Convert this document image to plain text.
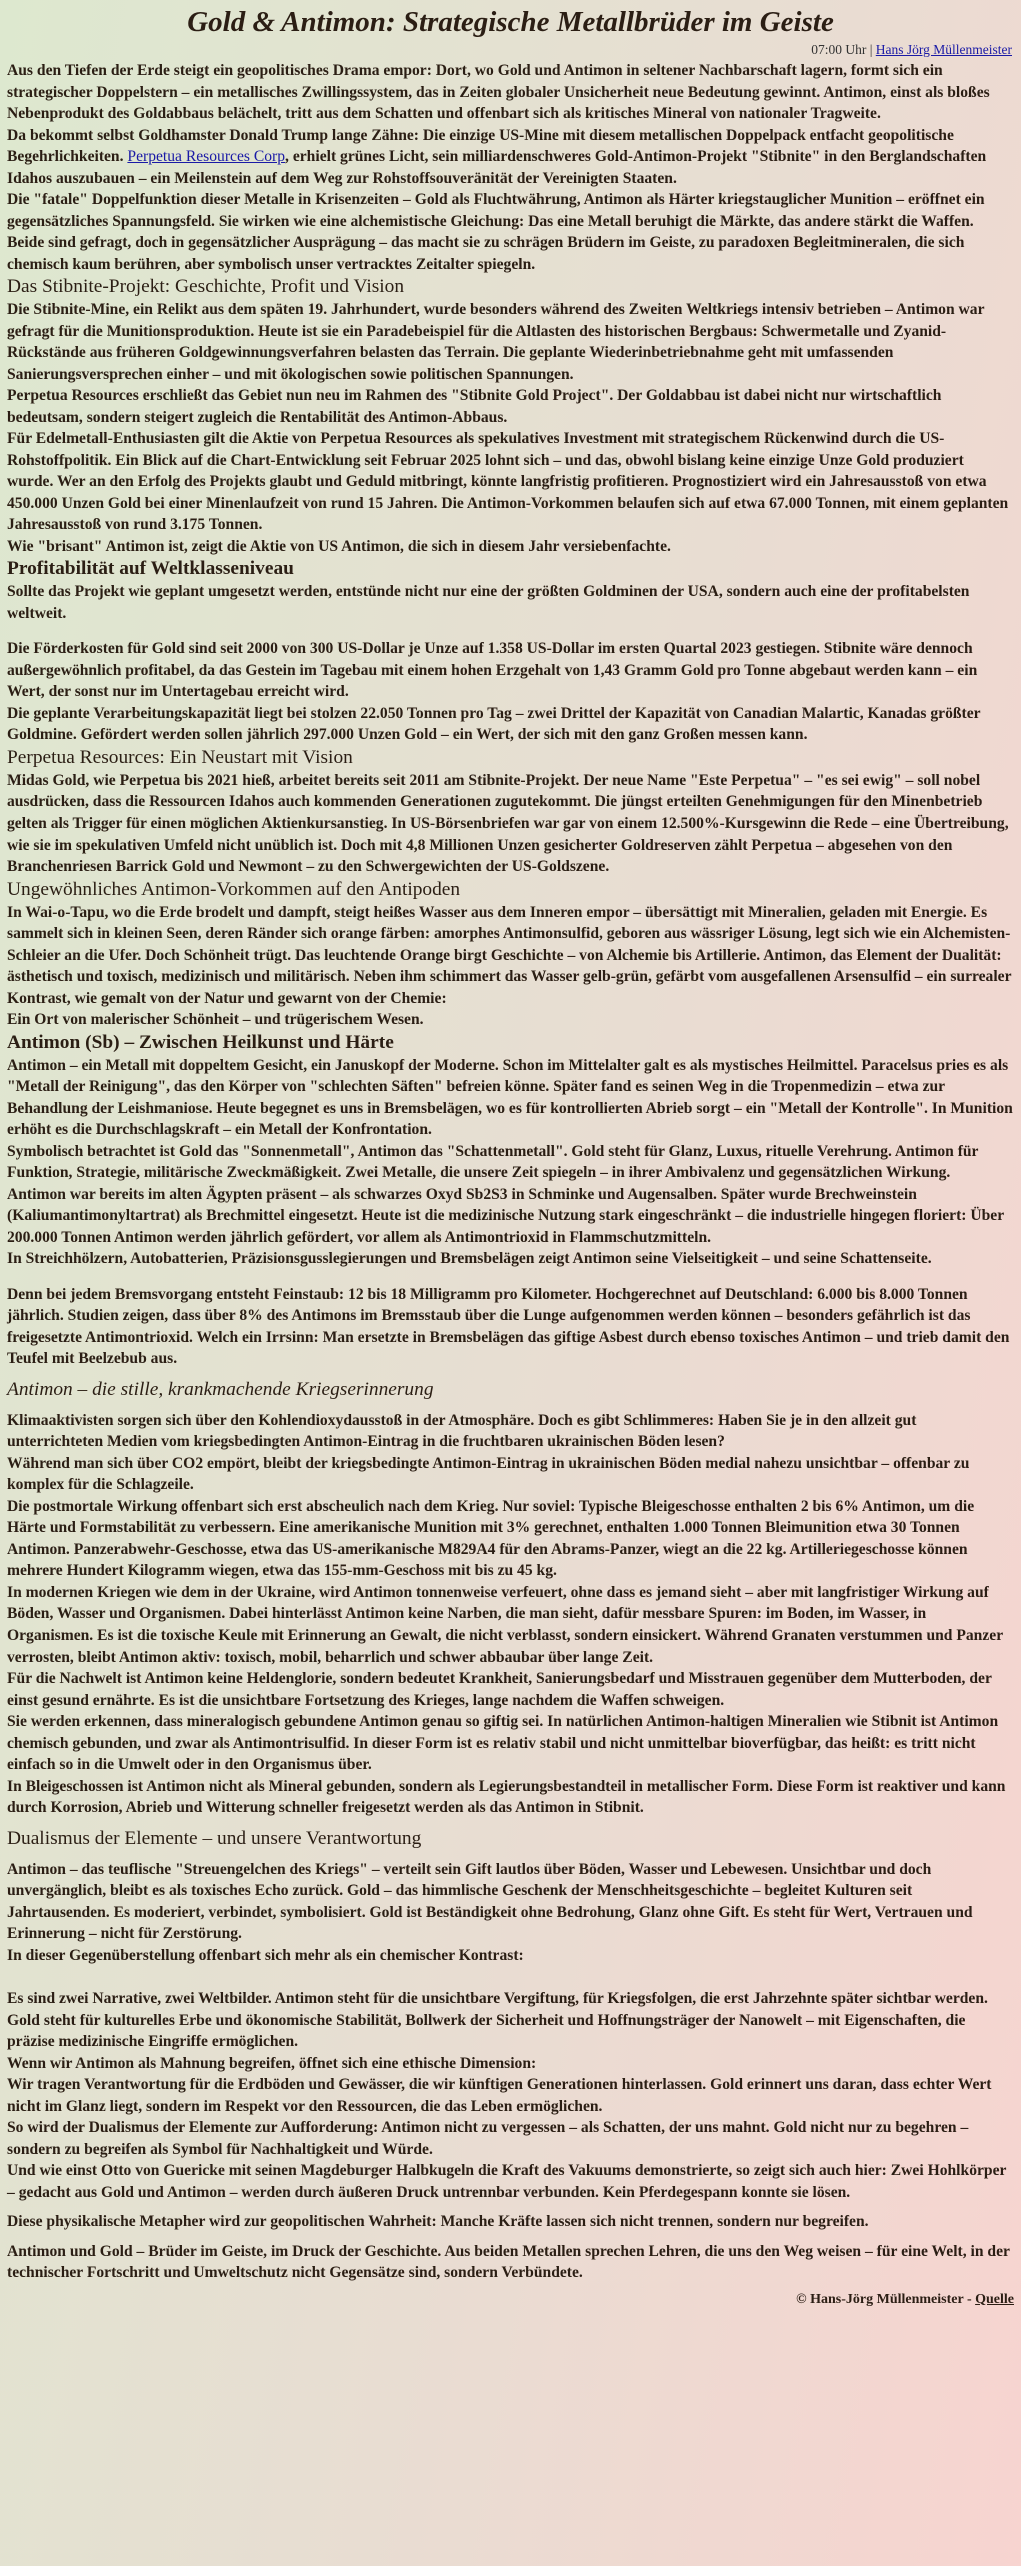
Gold & Antimon: Strategische Metallbrüder im Geiste
07:00 Uhr | Hans Jörg Müllenmeister

Aus den Tiefen der Erde steigt ein geopolitisches Drama empor: Dort, wo Gold und Antimon in seltener Nachbarschaft lagern, formt sich ein strategischer Doppelstern – ein metallisches Zwillingssystem, das in Zeiten globaler Unsicherheit neue Bedeutung gewinnt. Antimon, einst als bloßes Nebenprodukt des Goldabbaus belächelt, tritt aus dem Schatten und offenbart sich als kritisches Mineral von nationaler Tragweite.

Da bekommt selbst Goldhamster Donald Trump lange Zähne: Die einzige US-Mine mit diesem metallischen Doppelpack entfacht geopolitische Begehrlichkeiten. Perpetua Resources Corp, erhielt grünes Licht, sein milliardenschweres Gold-Antimon-Projekt "Stibnite" in den Berglandschaften Idahos auszubauen – ein Meilenstein auf dem Weg zur Rohstoffsouveränität der Vereinigten Staaten.

Die "fatale" Doppelfunktion dieser Metalle in Krisenzeiten – Gold als Fluchtwährung, Antimon als Härter kriegstauglicher Munition – eröffnet ein gegensätzliches Spannungsfeld. Sie wirken wie eine alchemistische Gleichung: Das eine Metall beruhigt die Märkte, das andere stärkt die Waffen. Beide sind gefragt, doch in gegensätzlicher Ausprägung – das macht sie zu schrägen Brüdern im Geiste, zu paradoxen Begleitmineralen, die sich chemisch kaum berühren, aber symbolisch unser vertracktes Zeitalter spiegeln.

Das Stibnite-Projekt: Geschichte, Profit und Vision

Die Stibnite-Mine, ein Relikt aus dem späten 19. Jahrhundert, wurde besonders während des Zweiten Weltkriegs intensiv betrieben – Antimon war gefragt für die Munitionsproduktion. Heute ist sie ein Paradebeispiel für die Altlasten des historischen Bergbaus: Schwermetalle und Zyanid-Rückstände aus früheren Goldgewinnungsverfahren belasten das Terrain. Die geplante Wiederinbetriebnahme geht mit umfassenden Sanierungsversprechen einher – und mit ökologischen sowie politischen Spannungen.

Perpetua Resources erschließt das Gebiet nun neu im Rahmen des "Stibnite Gold Project". Der Goldabbau ist dabei nicht nur wirtschaftlich bedeutsam, sondern steigert zugleich die Rentabilität des Antimon-Abbaus.

Für Edelmetall-Enthusiasten gilt die Aktie von Perpetua Resources als spekulatives Investment mit strategischem Rückenwind durch die US-Rohstoffpolitik. Ein Blick auf die Chart-Entwicklung seit Februar 2025 lohnt sich – und das, obwohl bislang keine einzige Unze Gold produziert wurde. Wer an den Erfolg des Projekts glaubt und Geduld mitbringt, könnte langfristig profitieren. Prognostiziert wird ein Jahresausstoß von etwa 450.000 Unzen Gold bei einer Minenlaufzeit von rund 15 Jahren. Die Antimon-Vorkommen belaufen sich auf etwa 67.000 Tonnen, mit einem geplanten Jahresausstoß von rund 3.175 Tonnen.

Wie "brisant" Antimon ist, zeigt die Aktie von US Antimon, die sich in diesem Jahr versiebenfachte.

Profitabilität auf Weltklasseniveau

Sollte das Projekt wie geplant umgesetzt werden, entstünde nicht nur eine der größten Goldminen der USA, sondern auch eine der profitabelsten weltweit.

Die Förderkosten für Gold sind seit 2000 von 300 US-Dollar je Unze auf 1.358 US-Dollar im ersten Quartal 2023 gestiegen. Stibnite wäre dennoch außergewöhnlich profitabel, da das Gestein im Tagebau mit einem hohen Erzgehalt von 1,43 Gramm Gold pro Tonne abgebaut werden kann – ein Wert, der sonst nur im Untertagebau erreicht wird.

Die geplante Verarbeitungskapazität liegt bei stolzen 22.050 Tonnen pro Tag – zwei Drittel der Kapazität von Canadian Malartic, Kanadas größter Goldmine. Gefördert werden sollen jährlich 297.000 Unzen Gold – ein Wert, der sich mit den ganz Großen messen kann.

Perpetua Resources: Ein Neustart mit Vision

Midas Gold, wie Perpetua bis 2021 hieß, arbeitet bereits seit 2011 am Stibnite-Projekt. Der neue Name "Este Perpetua" – "es sei ewig" – soll nobel ausdrücken, dass die Ressourcen Idahos auch kommenden Generationen zugutekommt. Die jüngst erteilten Genehmigungen für den Minenbetrieb gelten als Trigger für einen möglichen Aktienkursanstieg. In US-Börsenbriefen war gar von einem 12.500%-Kursgewinn die Rede – eine Übertreibung, wie sie im spekulativen Umfeld nicht unüblich ist. Doch mit 4,8 Millionen Unzen gesicherter Goldreserven zählt Perpetua – abgesehen von den Branchenriesen Barrick Gold und Newmont – zu den Schwergewichten der US-Goldszene.

Ungewöhnliches Antimon-Vorkommen auf den Antipoden

In Wai-o-Tapu, wo die Erde brodelt und dampft, steigt heißes Wasser aus dem Inneren empor – übersättigt mit Mineralien, geladen mit Energie. Es sammelt sich in kleinen Seen, deren Ränder sich orange färben: amorphes Antimonsulfid, geboren aus wässriger Lösung, legt sich wie ein Alchemisten-Schleier an die Ufer. Doch Schönheit trügt. Das leuchtende Orange birgt Geschichte – von Alchemie bis Artillerie. Antimon, das Element der Dualität: ästhetisch und toxisch, medizinisch und militärisch. Neben ihm schimmert das Wasser gelb-grün, gefärbt vom ausgefallenen Arsensulfid – ein surrealer Kontrast, wie gemalt von der Natur und gewarnt von der Chemie:

Ein Ort von malerischer Schönheit – und trügerischem Wesen.

Antimon (Sb) – Zwischen Heilkunst und Härte

Antimon – ein Metall mit doppeltem Gesicht, ein Januskopf der Moderne. Schon im Mittelalter galt es als mystisches Heilmittel. Paracelsus pries es als "Metall der Reinigung", das den Körper von "schlechten Säften" befreien könne. Später fand es seinen Weg in die Tropenmedizin – etwa zur Behandlung der Leishmaniose. Heute begegnet es uns in Bremsbelägen, wo es für kontrollierten Abrieb sorgt – ein "Metall der Kontrolle". In Munition erhöht es die Durchschlagskraft – ein Metall der Konfrontation.

Symbolisch betrachtet ist Gold das "Sonnenmetall", Antimon das "Schattenmetall". Gold steht für Glanz, Luxus, rituelle Verehrung. Antimon für Funktion, Strategie, militärische Zweckmäßigkeit. Zwei Metalle, die unsere Zeit spiegeln – in ihrer Ambivalenz und gegensätzlichen Wirkung.

Antimon war bereits im alten Ägypten präsent – als schwarzes Oxyd Sb2S3 in Schminke und Augensalben. Später wurde Brechweinstein (Kaliumantimonyltartrat) als Brechmittel eingesetzt. Heute ist die medizinische Nutzung stark eingeschränkt – die industrielle hingegen floriert: Über 200.000 Tonnen Antimon werden jährlich gefördert, vor allem als Antimontrioxid in Flammschutzmitteln.

In Streichhölzern, Autobatterien, Präzisionsgusslegierungen und Bremsbelägen zeigt Antimon seine Vielseitigkeit – und seine Schattenseite.

Denn bei jedem Bremsvorgang entsteht Feinstaub: 12 bis 18 Milligramm pro Kilometer. Hochgerechnet auf Deutschland: 6.000 bis 8.000 Tonnen jährlich. Studien zeigen, dass über 8% des Antimons im Bremsstaub über die Lunge aufgenommen werden können – besonders gefährlich ist das freigesetzte Antimontrioxid. Welch ein Irrsinn: Man ersetzte in Bremsbelägen das giftige Asbest durch ebenso toxisches Antimon – und trieb damit den Teufel mit Beelzebub aus.

Antimon – die stille, krankmachende Kriegserinnerung

Klimaaktivisten sorgen sich über den Kohlendioxydausstoß in der Atmosphäre. Doch es gibt Schlimmeres: Haben Sie je in den allzeit gut unterrichteten Medien vom kriegsbedingten Antimon-Eintrag in die fruchtbaren ukrainischen Böden lesen?

Während man sich über CO2 empört, bleibt der kriegsbedingte Antimon-Eintrag in ukrainischen Böden medial nahezu unsichtbar – offenbar zu komplex für die Schlagzeile.

Die postmortale Wirkung offenbart sich erst abscheulich nach dem Krieg. Nur soviel: Typische Bleigeschosse enthalten 2 bis 6% Antimon, um die Härte und Formstabilität zu verbessern. Eine amerikanische Munition mit 3% gerechnet, enthalten 1.000 Tonnen Bleimunition etwa 30 Tonnen Antimon. Panzerabwehr-Geschosse, etwa das US-amerikanische M829A4 für den Abrams-Panzer, wiegt an die 22 kg. Artilleriegeschosse können mehrere Hundert Kilogramm wiegen, etwa das 155-mm-Geschoss mit bis zu 45 kg.

In modernen Kriegen wie dem in der Ukraine, wird Antimon tonnenweise verfeuert, ohne dass es jemand sieht – aber mit langfristiger Wirkung auf Böden, Wasser und Organismen. Dabei hinterlässt Antimon keine Narben, die man sieht, dafür messbare Spuren: im Boden, im Wasser, in Organismen. Es ist die toxische Keule mit Erinnerung an Gewalt, die nicht verblasst, sondern einsickert. Während Granaten verstummen und Panzer verrosten, bleibt Antimon aktiv: toxisch, mobil, beharrlich und schwer abbaubar über lange Zeit.

Für die Nachwelt ist Antimon keine Heldenglorie, sondern bedeutet Krankheit, Sanierungsbedarf und Misstrauen gegenüber dem Mutterboden, der einst gesund ernährte. Es ist die unsichtbare Fortsetzung des Krieges, lange nachdem die Waffen schweigen.

Sie werden erkennen, dass mineralogisch gebundene Antimon genau so giftig sei. In natürlichen Antimon-haltigen Mineralien wie Stibnit ist Antimon chemisch gebunden, und zwar als Antimontrisulfid. In dieser Form ist es relativ stabil und nicht unmittelbar bioverfügbar, das heißt: es tritt nicht einfach so in die Umwelt oder in den Organismus über.

In Bleigeschossen ist Antimon nicht als Mineral gebunden, sondern als Legierungsbestandteil in metallischer Form. Diese Form ist reaktiver und kann durch Korrosion, Abrieb und Witterung schneller freigesetzt werden als das Antimon in Stibnit.

Dualismus der Elemente – und unsere Verantwortung

Antimon – das teuflische "Streuengelchen des Kriegs" – verteilt sein Gift lautlos über Böden, Wasser und Lebewesen. Unsichtbar und doch unvergänglich, bleibt es als toxisches Echo zurück. Gold – das himmlische Geschenk der Menschheitsgeschichte – begleitet Kulturen seit Jahrtausenden. Es moderiert, verbindet, symbolisiert. Gold ist Beständigkeit ohne Bedrohung, Glanz ohne Gift. Es steht für Wert, Vertrauen und Erinnerung – nicht für Zerstörung.

In dieser Gegenüberstellung offenbart sich mehr als ein chemischer Kontrast:

Es sind zwei Narrative, zwei Weltbilder. Antimon steht für die unsichtbare Vergiftung, für Kriegsfolgen, die erst Jahrzehnte später sichtbar werden.

Gold steht für kulturelles Erbe und ökonomische Stabilität, Bollwerk der Sicherheit und Hoffnungsträger der Nanowelt – mit Eigenschaften, die präzise medizinische Eingriffe ermöglichen.

Wenn wir Antimon als Mahnung begreifen, öffnet sich eine ethische Dimension:

Wir tragen Verantwortung für die Erdböden und Gewässer, die wir künftigen Generationen hinterlassen. Gold erinnert uns daran, dass echter Wert nicht im Glanz liegt, sondern im Respekt vor den Ressourcen, die das Leben ermöglichen.

So wird der Dualismus der Elemente zur Aufforderung: Antimon nicht zu vergessen – als Schatten, der uns mahnt. Gold nicht nur zu begehren – sondern zu begreifen als Symbol für Nachhaltigkeit und Würde.

Und wie einst Otto von Guericke mit seinen Magdeburger Halbkugeln die Kraft des Vakuums demonstrierte, so zeigt sich auch hier: Zwei Hohlkörper – gedacht aus Gold und Antimon – werden durch äußeren Druck untrennbar verbunden. Kein Pferdegespann konnte sie lösen.

Diese physikalische Metapher wird zur geopolitischen Wahrheit: Manche Kräfte lassen sich nicht trennen, sondern nur begreifen.

Antimon und Gold – Brüder im Geiste, im Druck der Geschichte. Aus beiden Metallen sprechen Lehren, die uns den Weg weisen – für eine Welt, in der technischer Fortschritt und Umweltschutz nicht Gegensätze sind, sondern Verbündete.

© Hans-Jörg Müllenmeister - Quelle
